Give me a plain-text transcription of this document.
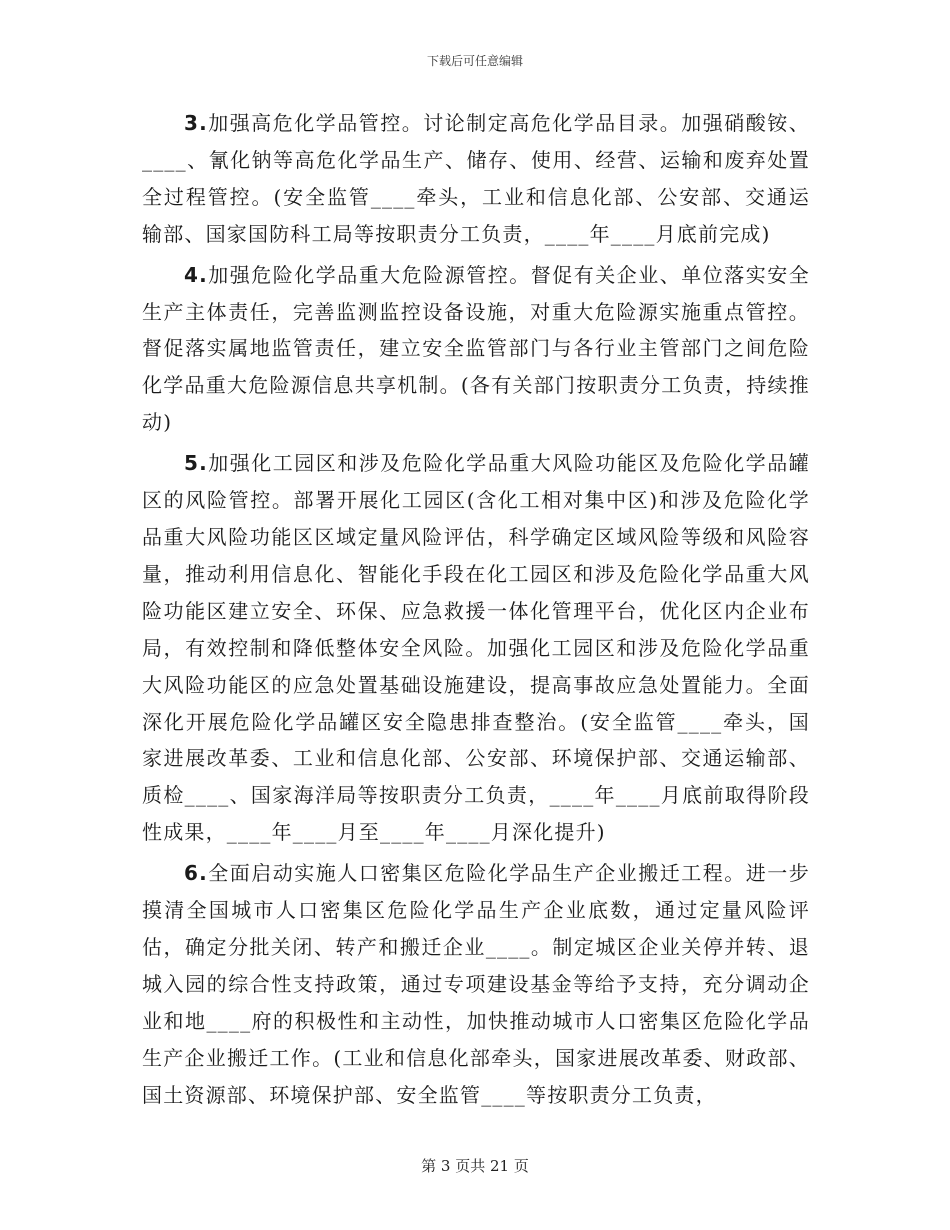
下载后可任意编辑

3.加强高危化学品管控。讨论制定高危化学品目录。加强硝酸铵、____、氰化钠等高危化学品生产、储存、使用、经营、运输和废弃处置全过程管控。(安全监管____牵头，工业和信息化部、公安部、交通运输部、国家国防科工局等按职责分工负责，____年____月底前完成)

4.加强危险化学品重大危险源管控。督促有关企业、单位落实安全生产主体责任，完善监测监控设备设施，对重大危险源实施重点管控。督促落实属地监管责任，建立安全监管部门与各行业主管部门之间危险化学品重大危险源信息共享机制。(各有关部门按职责分工负责，持续推动)

5.加强化工园区和涉及危险化学品重大风险功能区及危险化学品罐区的风险管控。部署开展化工园区(含化工相对集中区)和涉及危险化学品重大风险功能区区域定量风险评估，科学确定区域风险等级和风险容量，推动利用信息化、智能化手段在化工园区和涉及危险化学品重大风险功能区建立安全、环保、应急救援一体化管理平台，优化区内企业布局，有效控制和降低整体安全风险。加强化工园区和涉及危险化学品重大风险功能区的应急处置基础设施建设，提高事故应急处置能力。全面深化开展危险化学品罐区安全隐患排查整治。(安全监管____牵头，国家进展改革委、工业和信息化部、公安部、环境保护部、交通运输部、质检____、国家海洋局等按职责分工负责，____年____月底前取得阶段性成果，____年____月至____年____月深化提升)

6.全面启动实施人口密集区危险化学品生产企业搬迁工程。进一步摸清全国城市人口密集区危险化学品生产企业底数，通过定量风险评估，确定分批关闭、转产和搬迁企业____。制定城区企业关停并转、退城入园的综合性支持政策，通过专项建设基金等给予支持，充分调动企业和地____府的积极性和主动性，加快推动城市人口密集区危险化学品生产企业搬迁工作。(工业和信息化部牵头，国家进展改革委、财政部、国土资源部、环境保护部、安全监管____等按职责分工负责，

第 3 页共 21 页
